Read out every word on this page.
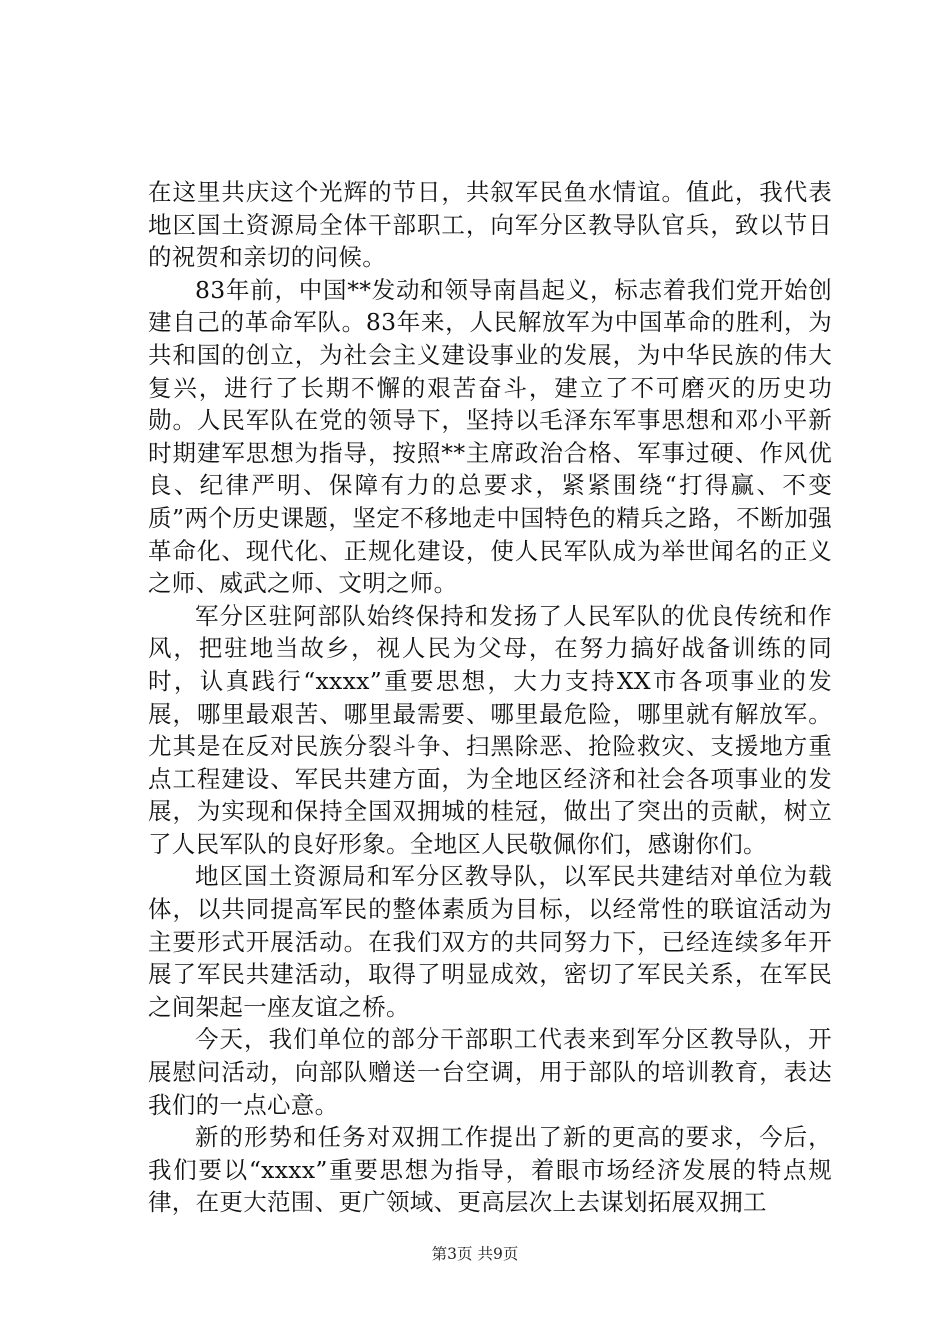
在这里共庆这个光辉的节日，共叙军民鱼水情谊。值此，我代表地区国土资源局全体干部职工，向军分区教导队官兵，致以节日的祝贺和亲切的问候。

83年前，中国**发动和领导南昌起义，标志着我们党开始创建自己的革命军队。83年来，人民解放军为中国革命的胜利，为共和国的创立，为社会主义建设事业的发展，为中华民族的伟大复兴，进行了长期不懈的艰苦奋斗，建立了不可磨灭的历史功勋。人民军队在党的领导下，坚持以毛泽东军事思想和邓小平新时期建军思想为指导，按照**主席政治合格、军事过硬、作风优良、纪律严明、保障有力的总要求，紧紧围绕“打得赢、不变质”两个历史课题，坚定不移地走中国特色的精兵之路，不断加强革命化、现代化、正规化建设，使人民军队成为举世闻名的正义之师、威武之师、文明之师。

军分区驻阿部队始终保持和发扬了人民军队的优良传统和作风，把驻地当故乡，视人民为父母，在努力搞好战备训练的同时，认真践行“xxxx”重要思想，大力支持XX市各项事业的发展，哪里最艰苦、哪里最需要、哪里最危险，哪里就有解放军。尤其是在反对民族分裂斗争、扫黑除恶、抢险救灾、支援地方重点工程建设、军民共建方面，为全地区经济和社会各项事业的发展，为实现和保持全国双拥城的桂冠，做出了突出的贡献，树立了人民军队的良好形象。全地区人民敬佩你们，感谢你们。

地区国土资源局和军分区教导队，以军民共建结对单位为载体，以共同提高军民的整体素质为目标，以经常性的联谊活动为主要形式开展活动。在我们双方的共同努力下，已经连续多年开展了军民共建活动，取得了明显成效，密切了军民关系，在军民之间架起一座友谊之桥。

今天，我们单位的部分干部职工代表来到军分区教导队，开展慰问活动，向部队赠送一台空调，用于部队的培训教育，表达我们的一点心意。

新的形势和任务对双拥工作提出了新的更高的要求，今后，我们要以“xxxx”重要思想为指导，着眼市场经济发展的特点规律，在更大范围、更广领域、更高层次上去谋划拓展双拥工

第3页 共9页
